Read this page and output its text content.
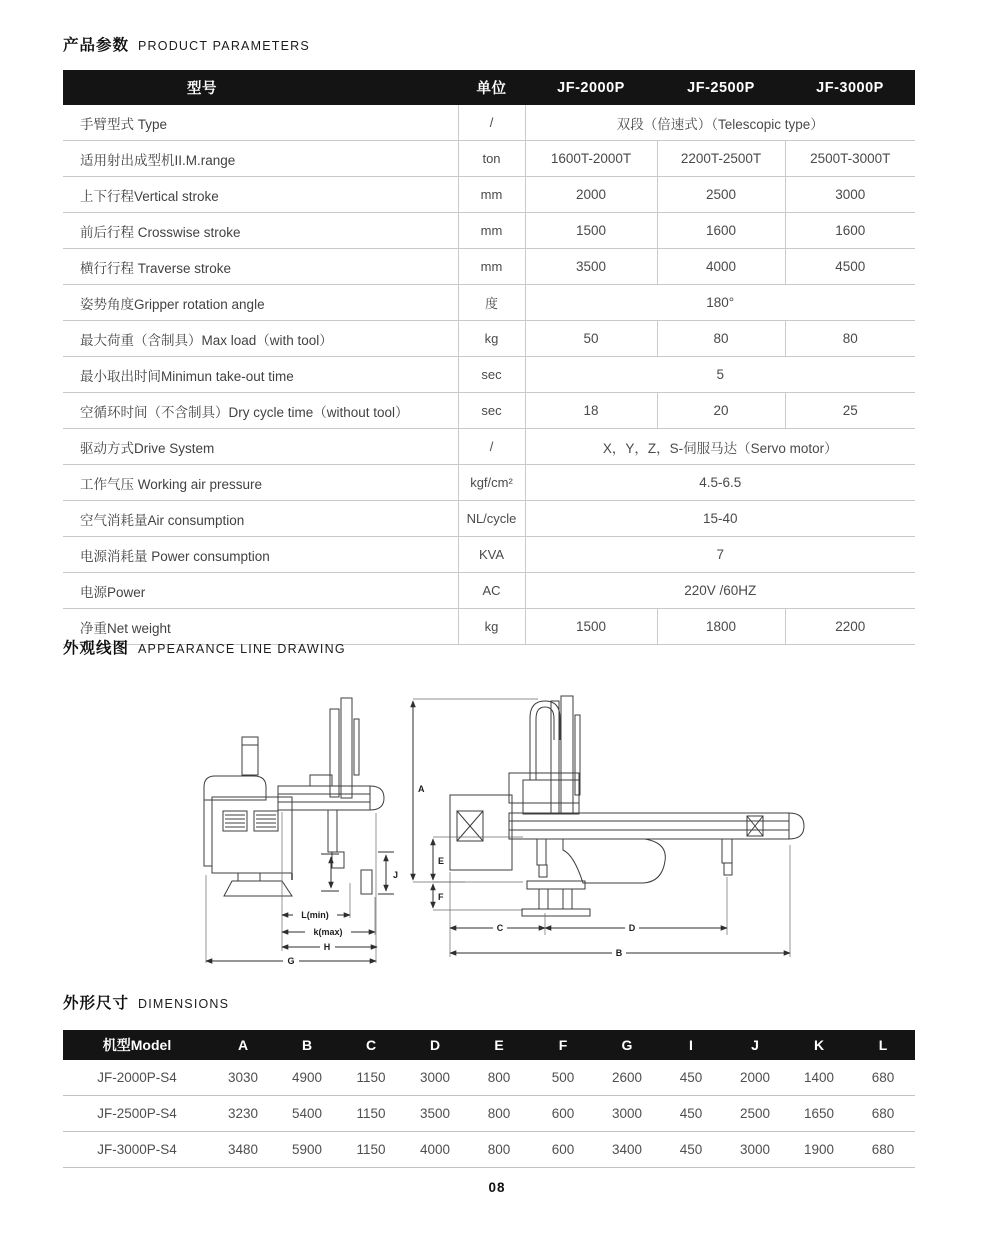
产品参数 PRODUCT PARAMETERS
型号	单位	JF-2000P	JF-2500P	JF-3000P
手臂型式 Type	/	双段（倍速式）（Telescopic type）		
适用射出成型机II.M.range	ton	1600T-2000T	2200T-2500T	2500T-3000T
上下行程Vertical stroke	mm	2000	2500	3000
前后行程 Crosswise stroke	mm	1500	1600	1600
横行行程 Traverse stroke	mm	3500	4000	4500
姿势角度Gripper rotation angle	度	180°		
最大荷重（含制具）Max load（with tool）	kg	50	80	80
最小取出时间Minimun take-out time	sec	5		
空循环时间（不含制具）Dry cycle time（without tool）	sec	18	20	25
驱动方式Drive System	/	X，Y，Z，S-伺服马达（Servo motor）		
工作气压 Working air pressure	kgf/cm²	4.5-6.5		
空气消耗量Air consumption	NL/cycle	15-40		
电源消耗量 Power consumption	KVA	7		
电源Power	AC	220V /60HZ		
净重Net weight	kg	1500	1800	2200
外观线图 APPEARANCE LINE DRAWING
I	J
L(min)
k(max)
H
G
A
E
F
C	D
B
外形尺寸 DIMENSIONS
机型Model	A	B	C	D	E	F	G	I	J	K	L
JF-2000P-S4	3030	4900	1150	3000	800	500	2600	450	2000	1400	680
JF-2500P-S4	3230	5400	1150	3500	800	600	3000	450	2500	1650	680
JF-3000P-S4	3480	5900	1150	4000	800	600	3400	450	3000	1900	680
08
